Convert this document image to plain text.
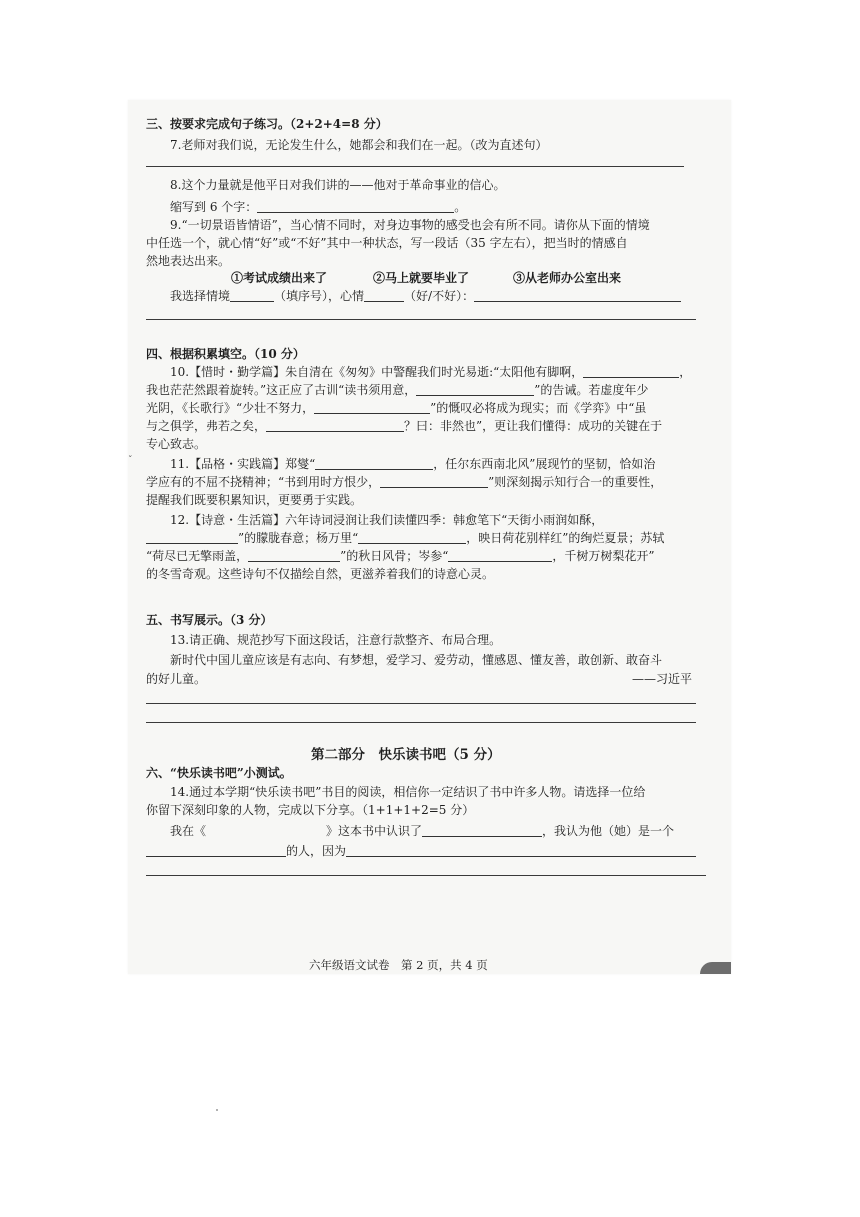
三、按要求完成句子练习。（2+2+4=8 分）
7.老师对我们说，无论发生什么，她都会和我们在一起。（改为直述句）
8.这个力量就是他平日对我们讲的——他对于革命事业的信心。
缩写到 6 个字：	。
9.“一切景语皆情语”，当心情不同时，对身边事物的感受也会有所不同。请你从下面的情境
中任选一个，就心情“好”或“不好”其中一种状态，写一段话（35 字左右），把当时的情感自
然地表达出来。
①考试成绩出来了	②马上就要毕业了	③从老师办公室出来
我选择情境	（填序号），心情	（好/不好）：
四、根据积累填空。（10 分）
10.【惜时・勤学篇】朱自清在《匆匆》中警醒我们时光易逝:“太阳他有脚啊，	，
我也茫茫然跟着旋转。”这正应了古训“读书须用意，	”的告诫。若虚度年少
光阴，《长歌行》“少壮不努力，	”的慨叹必将成为现实；而《学弈》中“虽
与之俱学，弗若之矣，	？曰：非然也”，更让我们懂得：成功的关键在于
专心致志。
ˇ	11.【品格・实践篇】郑燮“	，任尔东西南北风”展现竹的坚韧，恰如治
学应有的不屈不挠精神；“书到用时方恨少，	”则深刻揭示知行合一的重要性，
提醒我们既要积累知识，更要勇于实践。
12.【诗意・生活篇】六年诗词浸润让我们读懂四季：韩愈笔下“天街小雨润如酥，
”的朦胧春意；杨万里“	，映日荷花别样红”的绚烂夏景；苏轼
“荷尽已无擎雨盖，	”的秋日风骨；岑参“	，千树万树梨花开”
的冬雪奇观。这些诗句不仅描绘自然，更滋养着我们的诗意心灵。
五、书写展示。（3 分）
13.请正确、规范抄写下面这段话，注意行款整齐、布局合理。
新时代中国儿童应该是有志向、有梦想，爱学习、爱劳动，懂感恩、懂友善，敢创新、敢奋斗
的好儿童。	——习近平
第二部分　快乐读书吧（5 分）
六、“快乐读书吧”小测试。
14.通过本学期“快乐读书吧”书目的阅读，相信你一定结识了书中许多人物。请选择一位给
你留下深刻印象的人物，完成以下分享。（1+1+1+2=5 分）
我在《	》这本书中认识了	，我认为他（她）是一个
的人，因为
六年级语文试卷　第 2 页，共 4 页
